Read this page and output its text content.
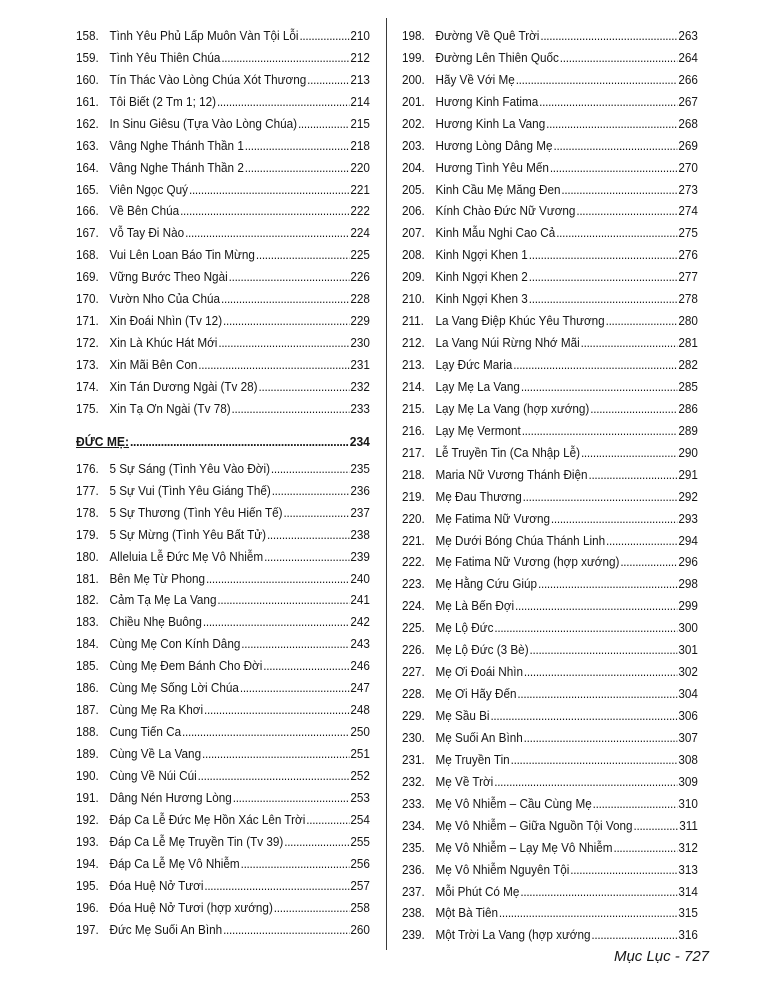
158. Tình Yêu Phủ Lấp Muôn Vàn Tội Lỗi .....	210
159. Tình Yêu Thiên Chúa .....	212
160. Tín Thác Vào Lòng Chúa Xót Thương .....	213
161. Tôi Biết (2 Tm 1; 12) .....	214
162. In Sinu Giêsu (Tựa Vào Lòng Chúa) .....	215
163. Vâng Nghe Thánh Thần 1 .....	218
164. Vâng Nghe Thánh Thần 2 .....	220
165. Viên Ngọc Quý .....	221
166. Về Bên Chúa .....	222
167. Vỗ Tay Đi Nào .....	224
168. Vui Lên Loan Báo Tin Mừng .....	225
169. Vững Bước Theo Ngài .....	226
170. Vườn Nho Của Chúa .....	228
171. Xin Đoái Nhìn (Tv 12) .....	229
172. Xin Là Khúc Hát Mới .....	230
173. Xin Mãi Bên Con .....	231
174. Xin Tán Dương Ngài (Tv 28) .....	232
175. Xin Tạ Ơn Ngài (Tv 78) .....	233
ĐỨC MẸ: .....	234
176. 5 Sự Sáng (Tình Yêu Vào Đời) .....	235
177. 5 Sự Vui (Tình Yêu Giáng Thế) .....	236
178. 5 Sự Thương (Tình Yêu Hiến Tế) .....	237
179. 5 Sự Mừng (Tình Yêu Bất Tử) .....	238
180. Alleluia Lễ Đức Mẹ Vô Nhiễm .....	239
181. Bên Mẹ Từ Phong .....	240
182. Cảm Tạ Mẹ La Vang .....	241
183. Chiều Nhẹ Buông .....	242
184. Cùng Mẹ Con Kính Dâng .....	243
185. Cùng Mẹ Đem Bánh Cho Đời .....	246
186. Cùng Mẹ Sống Lời Chúa .....	247
187. Cùng Mẹ Ra Khơi .....	248
188. Cung Tiến Ca .....	250
189. Cùng Về La Vang .....	251
190. Cùng Về Núi Cúi .....	252
191. Dâng Nén Hương Lòng .....	253
192. Đáp Ca Lễ Đức Mẹ Hồn Xác Lên Trời .....	254
193. Đáp Ca Lễ Mẹ Truyền Tin (Tv 39) .....	255
194. Đáp Ca Lễ Mẹ Vô Nhiễm .....	256
195. Đóa Huệ Nở Tươi .....	257
196. Đóa Huệ Nở Tươi (hợp xướng) .....	258
197. Đức Mẹ Suối An Bình .....	260
198. Đường Về Quê Trời .....	263
199. Đường Lên Thiên Quốc .....	264
200. Hãy Về Với Mẹ .....	266
201. Hương Kinh Fatima .....	267
202. Hương Kinh La Vang .....	268
203. Hương Lòng Dâng Mẹ .....	269
204. Hương Tình Yêu Mến .....	270
205. Kinh Cầu Mẹ Măng Đen .....	273
206. Kính Chào Đức Nữ Vương .....	274
207. Kinh Mẫu Nghi Cao Cả .....	275
208. Kinh Ngợi Khen 1 .....	276
209. Kinh Ngợi Khen 2 .....	277
210. Kinh Ngợi Khen 3 .....	278
211. La Vang Điệp Khúc Yêu Thương .....	280
212. La Vang Núi Rừng Nhớ Mãi .....	281
213. Lạy Đức Maria .....	282
214. Lạy Mẹ La Vang .....	285
215. Lạy Mẹ La Vang (hợp xướng) .....	286
216. Lạy Mẹ Vermont .....	289
217. Lễ Truyền Tin (Ca Nhập Lễ) .....	290
218. Maria Nữ Vương Thánh Điện .....	291
219. Mẹ Đau Thương .....	292
220. Mẹ Fatima Nữ Vương .....	293
221. Mẹ Dưới Bóng Chúa Thánh Linh .....	294
222. Mẹ Fatima Nữ Vương (hợp xướng) .....	296
223. Mẹ Hằng Cứu Giúp .....	298
224. Mẹ Là Bến Đợi .....	299
225. Mẹ Lộ Đức .....	300
226. Mẹ Lộ Đức (3 Bè) .....	301
227. Mẹ Ơi Đoái Nhìn .....	302
228. Mẹ Ơi Hãy Đến .....	304
229. Mẹ Sầu Bi .....	306
230. Mẹ Suối An Bình .....	307
231. Mẹ Truyền Tin .....	308
232. Mẹ Về Trời .....	309
233. Mẹ Vô Nhiễm – Cầu Cùng Mẹ .....	310
234. Mẹ Vô Nhiễm – Giữa Nguồn Tội Vong .....	311
235. Mẹ Vô Nhiễm – Lạy Mẹ Vô Nhiễm .....	312
236. Mẹ Vô Nhiễm Nguyên Tội .....	313
237. Mỗi Phút Có Mẹ .....	314
238. Một Bà Tiên .....	315
239. Một Trời La Vang (hợp xướng .....	316
Mục Lục - 727
